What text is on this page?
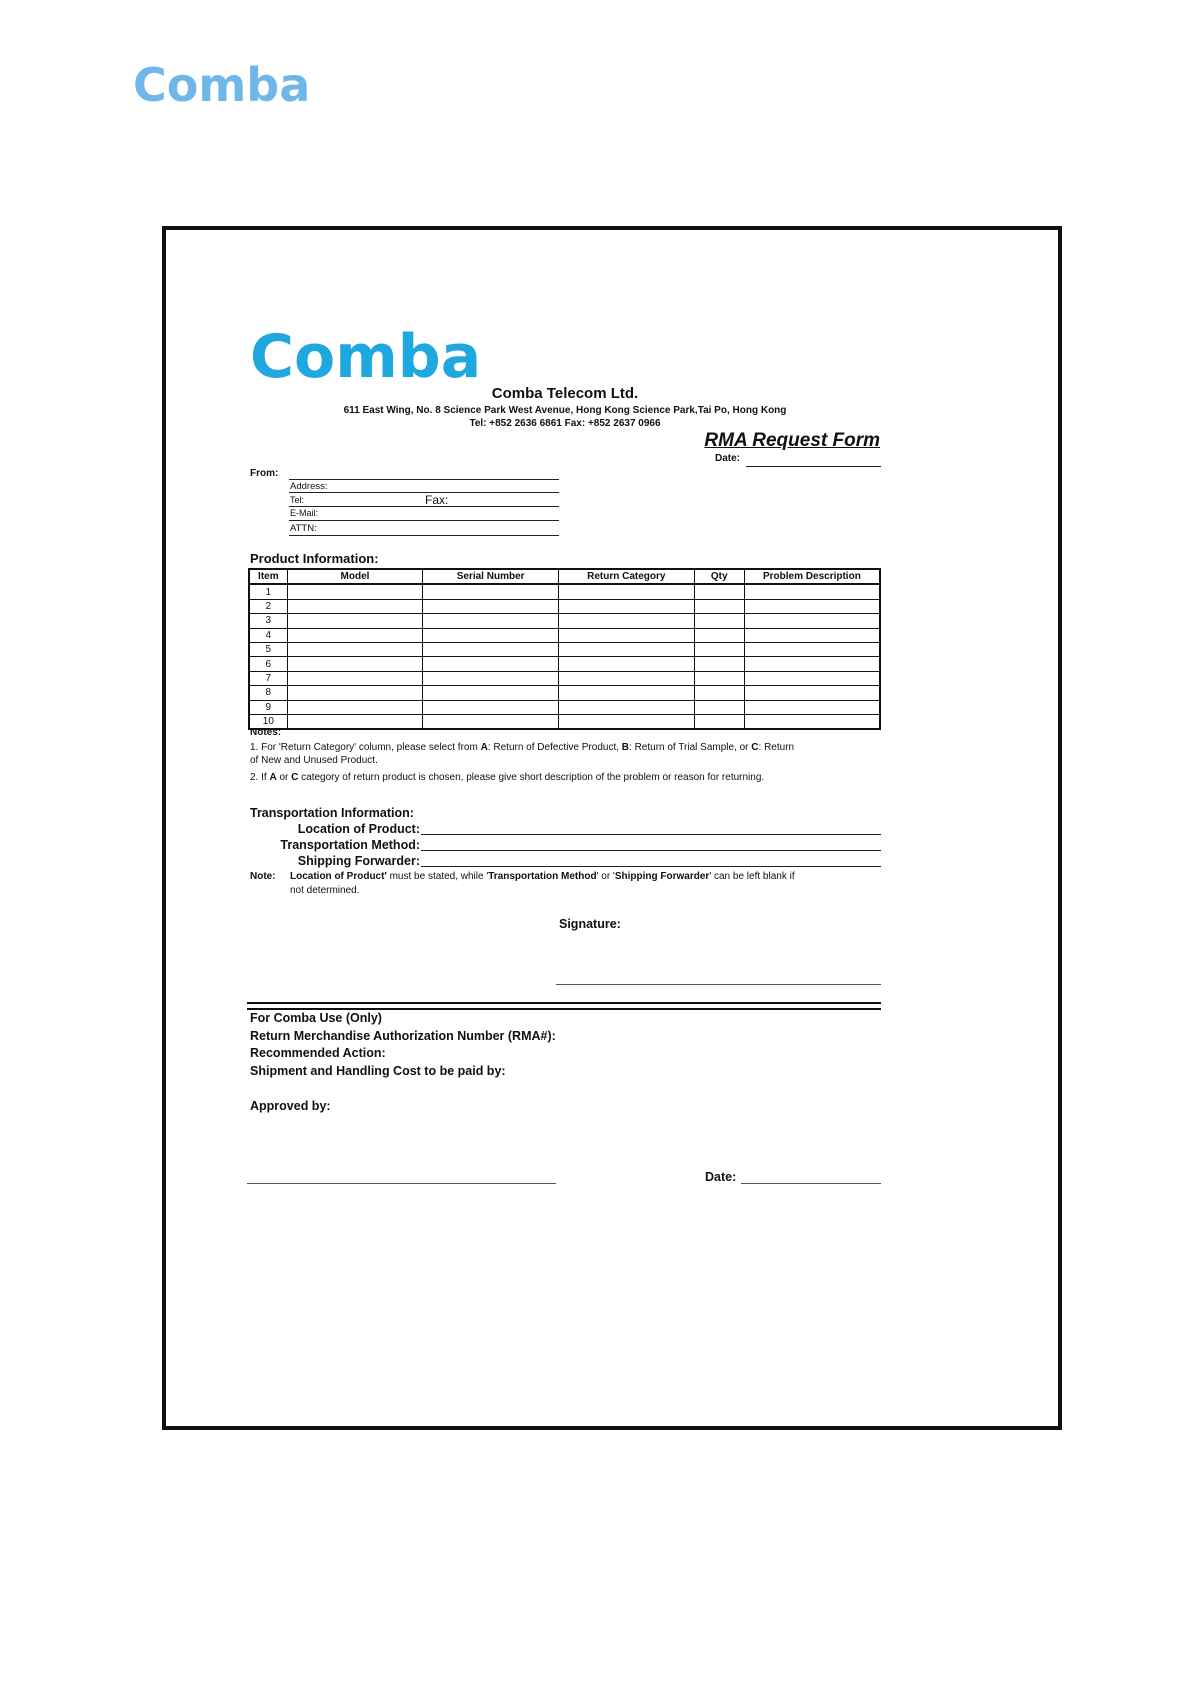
Comba
Comba
Comba Telecom Ltd.
611 East Wing, No. 8 Science Park West Avenue, Hong Kong Science Park,Tai Po, Hong Kong
Tel: +852 2636 6861 Fax: +852 2637 0966
RMA Request Form
Date:
From:
Address:
Tel:	Fax:
E-Mail:
ATTN:
Product Information:
Item	Model	Serial Number	Return Category	Qty	Problem Description
1					
2					
3					
4					
5					
6					
7					
8					
9					
10					
Notes:
1. For 'Return Category' column, please select from A: Return of Defective Product, B: Return of Trial Sample, or C: Return
of New and Unused Product.
2. If A or C category of return product is chosen, please give short description of the problem or reason for returning.
Transportation Information:
Location of Product:
Transportation Method:
Shipping Forwarder:
Note: Location of Product' must be stated, while 'Transportation Method' or 'Shipping Forwarder' can be left blank if
not determined.
Signature:
For Comba Use (Only)
Return Merchandise Authorization Number (RMA#):
Recommended Action:
Shipment and Handling Cost to be paid by:
Approved by:
Date:
